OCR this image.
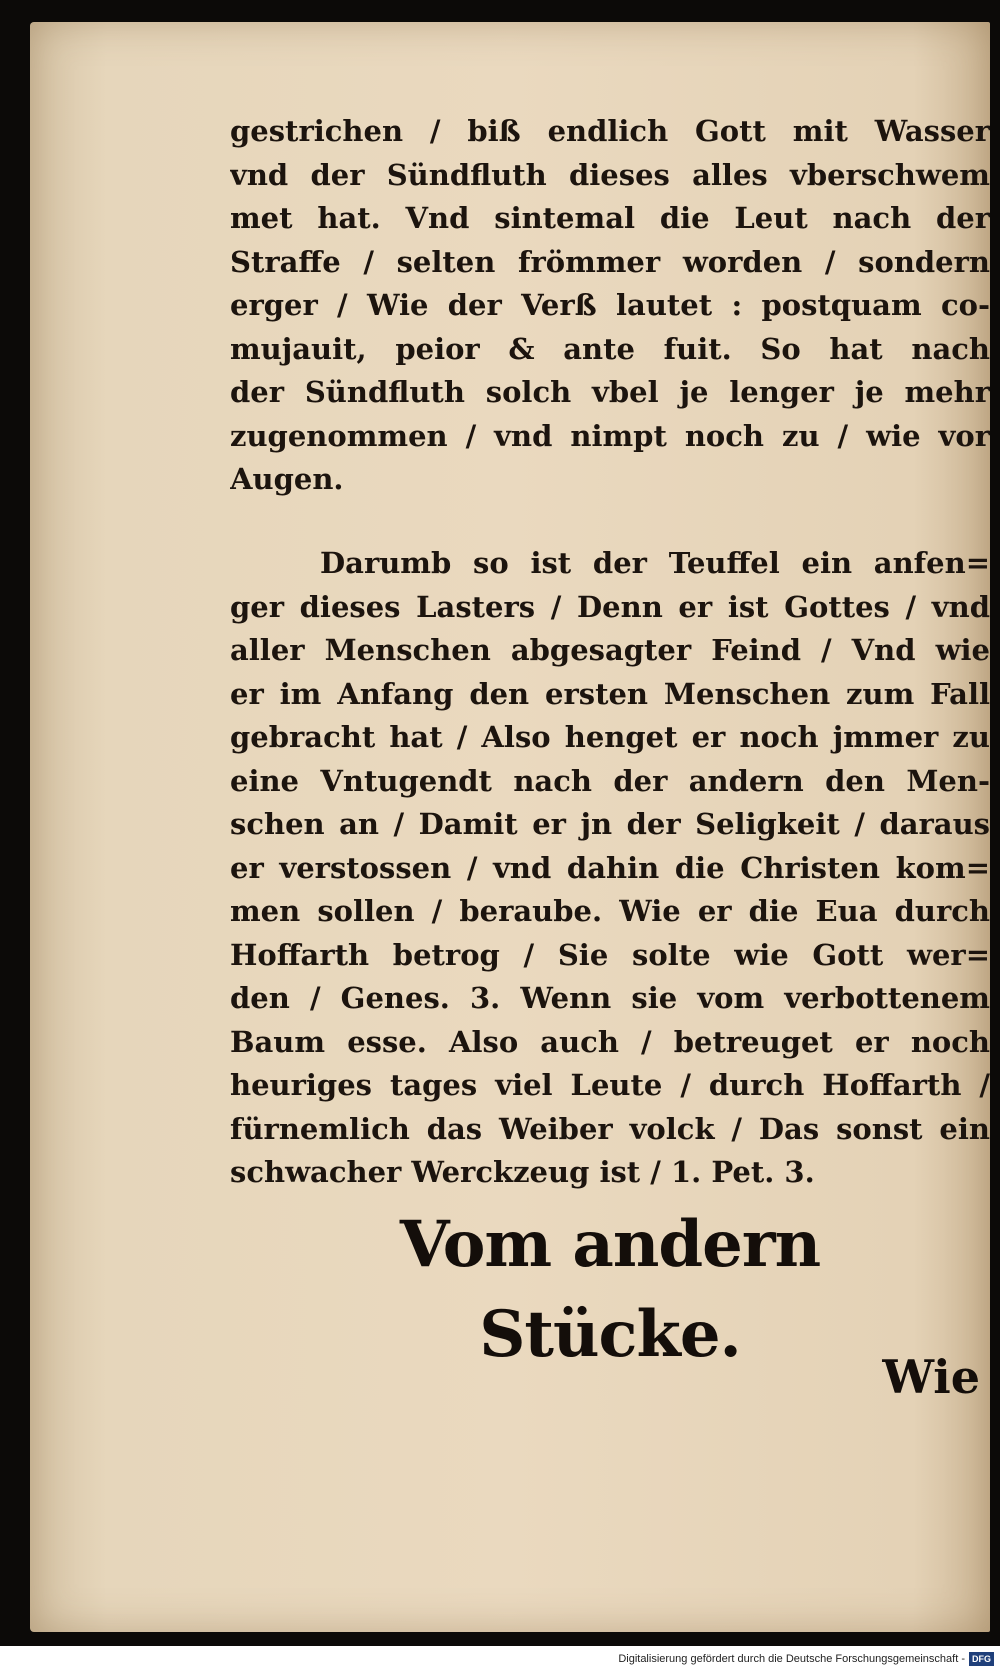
gestrichen / biß endlich Gott mit Wasser
vnd der Sündfluth dieses alles vberschwem
met hat. Vnd sintemal die Leut nach der
Straffe / selten frömmer worden / sondern
erger / Wie der Verß lautet : postquam co-
mujauit, peior & ante fuit. So hat nach
der Sündfluth solch vbel je lenger je mehr
zugenommen / vnd nimpt noch zu / wie vor
Augen.
Darumb so ist der Teuffel ein anfen=
ger dieses Lasters / Denn er ist Gottes / vnd
aller Menschen abgesagter Feind / Vnd wie
er im Anfang den ersten Menschen zum Fall
gebracht hat / Also henget er noch jmmer zu
eine Vntugendt nach der andern den Men-
schen an / Damit er jn der Seligkeit / daraus
er verstossen / vnd dahin die Christen kom=
men sollen / beraube. Wie er die Eua durch
Hoffarth betrog / Sie solte wie Gott wer=
den / Genes. 3. Wenn sie vom verbottenem
Baum esse. Also auch / betreuget er noch
heuriges tages viel Leute / durch Hoffarth /
fürnemlich das Weiber volck / Das sonst ein
schwacher Werckzeug ist / 1. Pet. 3.
Vom andern Stücke.
Wie
Digitalisierung gefördert durch die Deutsche Forschungsgemeinschaft - DFG
